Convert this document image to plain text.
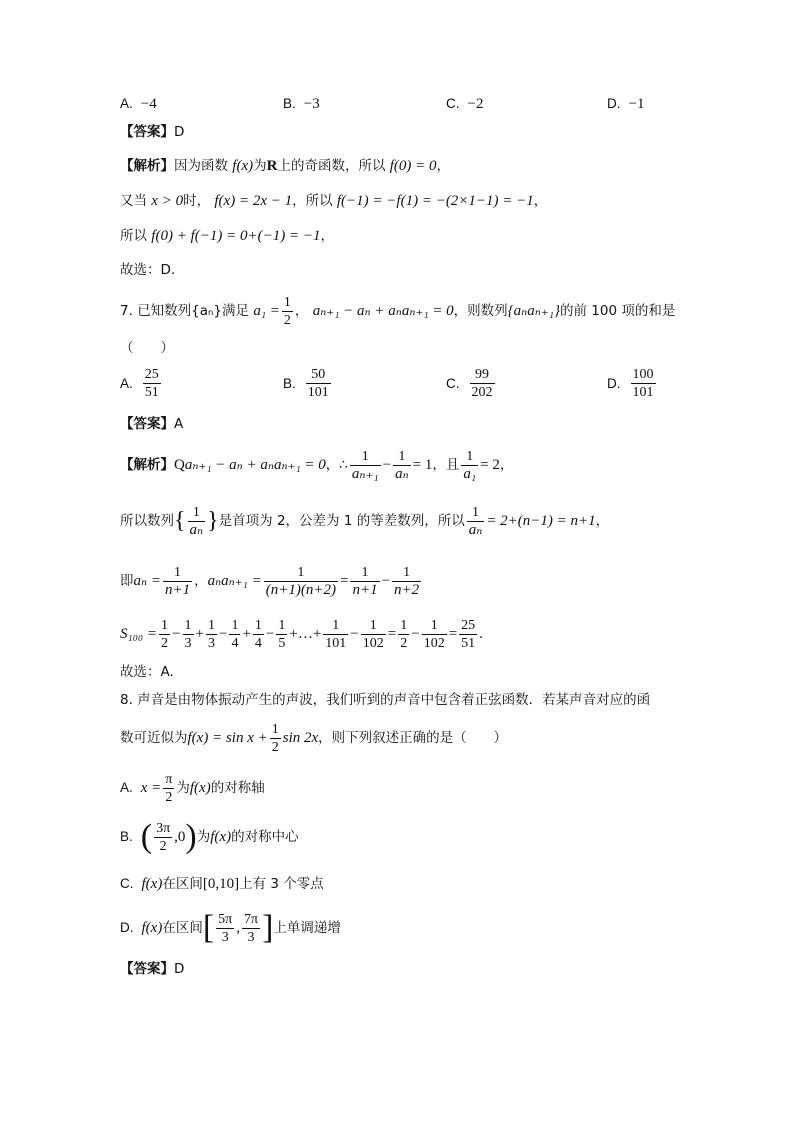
A. −4	B. −3	C. −2	D. −1
【答案】D
【解析】因为函数 f(x)为R上的奇函数，所以 f(0) = 0，
又当 x > 0时， f(x) = 2x − 1，所以 f(−1) = −f(1) = −(2×1−1) = −1，
所以 f(0) + f(−1) = 0+(−1) = −1，
故选：D.
7. 已知数列{aₙ}满足 $a_1 = \frac{1}{2}$ ， aₙ₊₁ − aₙ + aₙaₙ₊₁ = 0，则数列{aₙaₙ₊₁}的前 100 项的和是
（　　）
A. $\frac{25}{51}$	B. $\frac{50}{101}$	C. $\frac{99}{202}$	D. $\frac{100}{101}$
【答案】A
【解析】Qaₙ₊₁ − aₙ + aₙaₙ₊₁ = 0，∴ $\frac{1}{\text{aₙ₊₁}} - \frac{1}{\text{aₙ}} = 1$，且 $\frac{1}{\text{a₁}} = 2$，
所以数列{ $\frac{1}{\text{aₙ}}$ }是首项为 2，公差为 1 的等差数列，所以 $\frac{1}{\text{aₙ}} = 2+(n-1) = n+1$，
即$a_n = \frac{1}{n+1}$ ，$a_na_{n+1} = \frac{1}{(n+1)(n+2)} = \frac{1}{n+1} - \frac{1}{n+2}$
$S_{100} = \frac{1}{2} - \frac{1}{3} + \frac{1}{3} - \frac{1}{4} + \frac{1}{4} - \frac{1}{5}$ +…+ $\frac{1}{101} - \frac{1}{102} = \frac{1}{2} - \frac{1}{102} = \frac{25}{51}$ .
故选：A.
8. 声音是由物体振动产生的声波，我们听到的声音中包含着正弦函数．若某声音对应的函
数可近似为$f(x) = \sin x + \frac{1}{2}$ sin 2x，则下列叙述正确的是（　　）
A. $x = \frac{\pi}{2}$ 为f(x)的对称轴
B. ( $\frac{3\pi}{2} ,0$)为f(x)的对称中心
C. f(x)在区间[0,10]上有 3 个零点
D. f(x)在区间[ $\frac{5\pi}{3}$ , $\frac{7\pi}{3}$ ]上单调递增
【答案】D
